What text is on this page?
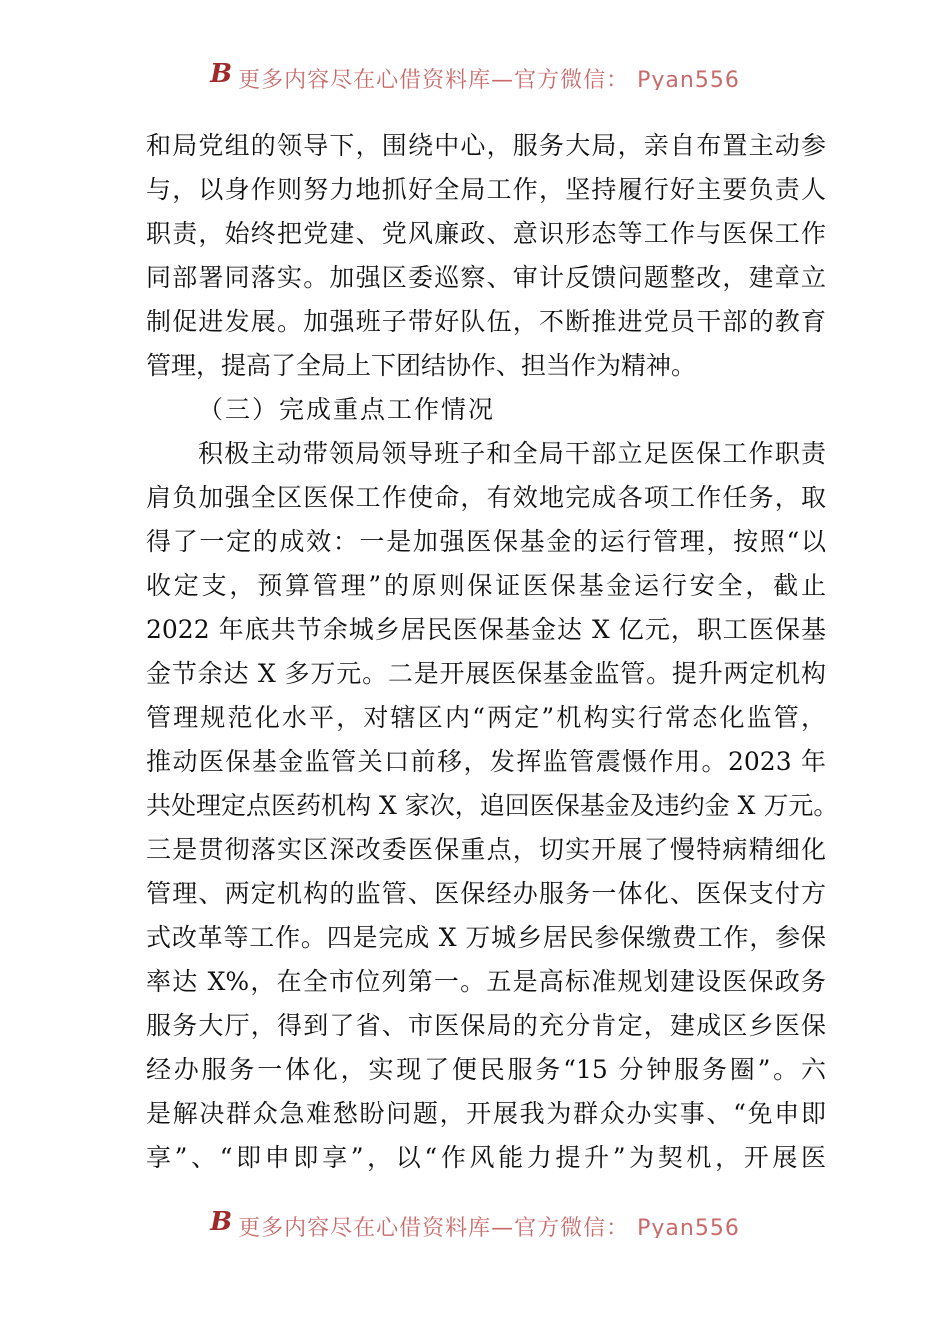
B 更多内容尽在心借资料库—官方微信： Pyan556
和局党组的领导下，围绕中心，服务大局，亲自布置主动参
与，以身作则努力地抓好全局工作，坚持履行好主要负责人
职责，始终把党建、党风廉政、意识形态等工作与医保工作
同部署同落实。加强区委巡察、审计反馈问题整改，建章立
制促进发展。加强班子带好队伍，不断推进党员干部的教育
管理，提高了全局上下团结协作、担当作为精神。
（三）完成重点工作情况
积极主动带领局领导班子和全局干部立足医保工作职责
肩负加强全区医保工作使命，有效地完成各项工作任务，取
得了一定的成效：一是加强医保基金的运行管理，按照“以
收定支，预算管理”的原则保证医保基金运行安全，截止
2022 年底共节余城乡居民医保基金达 X 亿元，职工医保基
金节余达 X 多万元。二是开展医保基金监管。提升两定机构
管理规范化水平，对辖区内“两定”机构实行常态化监管，
推动医保基金监管关口前移，发挥监管震慑作用。2023 年
共处理定点医药机构 X 家次，追回医保基金及违约金 X 万元。
三是贯彻落实区深改委医保重点，切实开展了慢特病精细化
管理、两定机构的监管、医保经办服务一体化、医保支付方
式改革等工作。四是完成 X 万城乡居民参保缴费工作，参保
率达 X%，在全市位列第一。五是高标准规划建设医保政务
服务大厅，得到了省、市医保局的充分肯定，建成区乡医保
经办服务一体化，实现了便民服务“15 分钟服务圈”。六
是解决群众急难愁盼问题，开展我为群众办实事、“免申即
享”、“即申即享”，以“作风能力提升”为契机，开展医
B 更多内容尽在心借资料库—官方微信： Pyan556
